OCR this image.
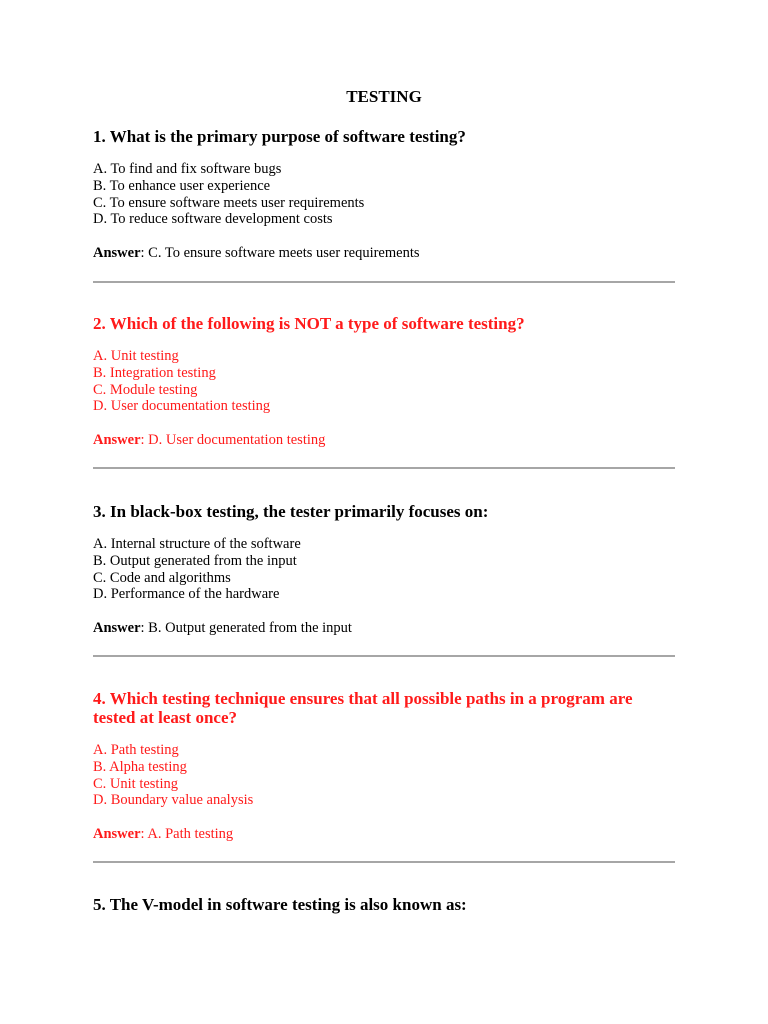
TESTING

1. What is the primary purpose of software testing?

A. To find and fix software bugs
B. To enhance user experience
C. To ensure software meets user requirements
D. To reduce software development costs
Answer: C. To ensure software meets user requirements

2. Which of the following is NOT a type of software testing?

A. Unit testing
B. Integration testing
C. Module testing
D. User documentation testing
Answer: D. User documentation testing

3. In black-box testing, the tester primarily focuses on:

A. Internal structure of the software
B. Output generated from the input
C. Code and algorithms
D. Performance of the hardware
Answer: B. Output generated from the input

4. Which testing technique ensures that all possible paths in a program are tested at least once?

A. Path testing
B. Alpha testing
C. Unit testing
D. Boundary value analysis
Answer: A. Path testing

5. The V-model in software testing is also known as:
